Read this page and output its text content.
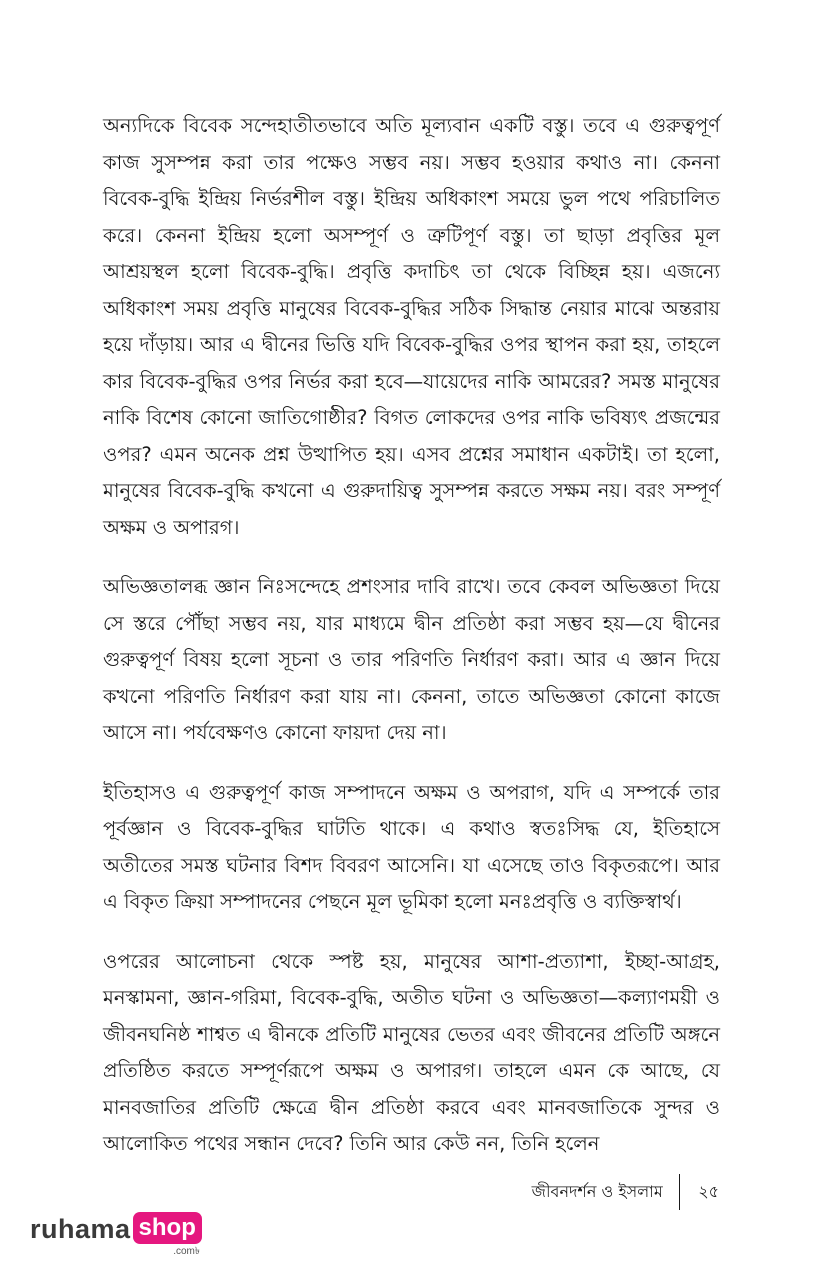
অন্যদিকে বিবেক সন্দেহাতীতভাবে অতি মূল্যবান একটি বস্তু। তবে এ গুরুত্বপূর্ণ কাজ সুসম্পন্ন করা তার পক্ষেও সম্ভব নয়। সম্ভব হওয়ার কথাও না। কেননা বিবেক-বুদ্ধি ইন্দ্রিয় নির্ভরশীল বস্তু। ইন্দ্রিয় অধিকাংশ সময়ে ভুল পথে পরিচালিত করে। কেননা ইন্দ্রিয় হলো অসম্পূর্ণ ও ত্রুটিপূর্ণ বস্তু। তা ছাড়া প্রবৃত্তির মূল আশ্রয়স্থল হলো বিবেক-বুদ্ধি। প্রবৃত্তি কদাচিৎ তা থেকে বিচ্ছিন্ন হয়। এজন্যে অধিকাংশ সময় প্রবৃত্তি মানুষের বিবেক-বুদ্ধির সঠিক সিদ্ধান্ত নেয়ার মাঝে অন্তরায় হয়ে দাঁড়ায়। আর এ দ্বীনের ভিত্তি যদি বিবেক-বুদ্ধির ওপর স্থাপন করা হয়, তাহলে কার বিবেক-বুদ্ধির ওপর নির্ভর করা হবে—যায়েদের নাকি আমরের? সমস্ত মানুষের নাকি বিশেষ কোনো জাতিগোষ্ঠীর? বিগত লোকদের ওপর নাকি ভবিষ্যৎ প্রজন্মের ওপর? এমন অনেক প্রশ্ন উত্থাপিত হয়। এসব প্রশ্নের সমাধান একটাই। তা হলো, মানুষের বিবেক-বুদ্ধি কখনো এ গুরুদায়িত্ব সুসম্পন্ন করতে সক্ষম নয়। বরং সম্পূর্ণ অক্ষম ও অপারগ।

অভিজ্ঞতালব্ধ জ্ঞান নিঃসন্দেহে প্রশংসার দাবি রাখে। তবে কেবল অভিজ্ঞতা দিয়ে সে স্তরে পৌঁছা সম্ভব নয়, যার মাধ্যমে দ্বীন প্রতিষ্ঠা করা সম্ভব হয়—যে দ্বীনের গুরুত্বপূর্ণ বিষয় হলো সূচনা ও তার পরিণতি নির্ধারণ করা। আর এ জ্ঞান দিয়ে কখনো পরিণতি নির্ধারণ করা যায় না। কেননা, তাতে অভিজ্ঞতা কোনো কাজে আসে না। পর্যবেক্ষণও কোনো ফায়দা দেয় না।

ইতিহাসও এ গুরুত্বপূর্ণ কাজ সম্পাদনে অক্ষম ও অপরাগ, যদি এ সম্পর্কে তার পূর্বজ্ঞান ও বিবেক-বুদ্ধির ঘাটতি থাকে। এ কথাও স্বতঃসিদ্ধ যে, ইতিহাসে অতীতের সমস্ত ঘটনার বিশদ বিবরণ আসেনি। যা এসেছে তাও বিকৃতরূপে। আর এ বিকৃত ক্রিয়া সম্পাদনের পেছনে মূল ভূমিকা হলো মনঃপ্রবৃত্তি ও ব্যক্তিস্বার্থ।

ওপরের আলোচনা থেকে স্পষ্ট হয়, মানুষের আশা-প্রত্যাশা, ইচ্ছা-আগ্রহ, মনস্কামনা, জ্ঞান-গরিমা, বিবেক-বুদ্ধি, অতীত ঘটনা ও অভিজ্ঞতা—কল্যাণময়ী ও জীবনঘনিষ্ঠ শাশ্বত এ দ্বীনকে প্রতিটি মানুষের ভেতর এবং জীবনের প্রতিটি অঙ্গনে প্রতিষ্ঠিত করতে সম্পূর্ণরূপে অক্ষম ও অপারগ। তাহলে এমন কে আছে, যে মানবজাতির প্রতিটি ক্ষেত্রে দ্বীন প্রতিষ্ঠা করবে এবং মানবজাতিকে সুন্দর ও আলোকিত পথের সন্ধান দেবে? তিনি আর কেউ নন, তিনি হলেন

জীবনদর্শন ও ইসলাম	২৫
ruhama shop
.com৳
